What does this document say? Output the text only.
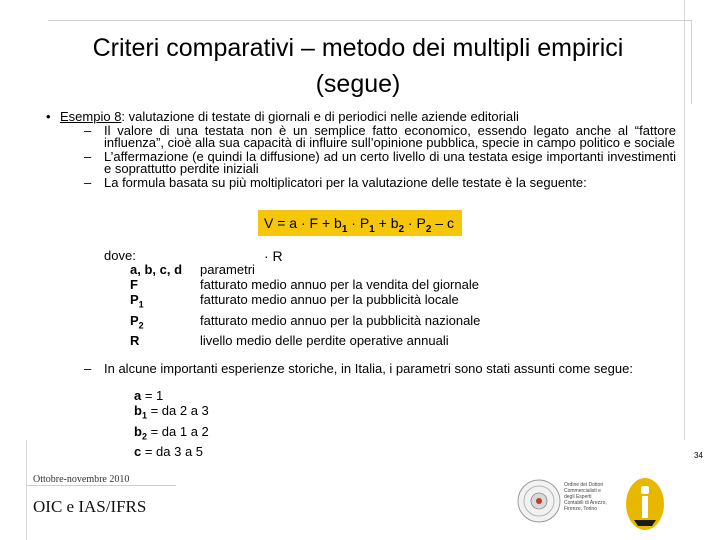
Criteri comparativi – metodo dei multipli empirici (segue)
• Esempio 8: valutazione di testate di giornali e di periodici nelle aziende editoriali
– Il valore di una testata non è un semplice fatto economico, essendo legato anche al “fattore influenza”, cioè alla sua capacità di influire sull’opinione pubblica, specie in campo politico e sociale
– L’affermazione (e quindi la diffusione) ad un certo livello di una testata esige importanti investimenti e soprattutto perdite iniziali
– La formula basata su più moltiplicatori per la valutazione delle testate è la seguente:
$V = a \cdot F + b_1 \cdot P_1 + b_2 \cdot P_2 - c \cdot R$
dove:
a, b, c, d	parametri
F	fatturato medio annuo per la vendita del giornale
$P_1$	fatturato medio annuo per la pubblicità locale
$P_2$	fatturato medio annuo per la pubblicità nazionale
R	livello medio delle perdite operative annuali
– In alcune importanti esperienze storiche, in Italia, i parametri sono stati assunti come segue:
a = 1
$b_1$ = da 2 a 3
$b_2$ = da 1 a 2
c = da 3 a 5	34
Ottobre-novembre 2010
OIC e IAS/IFRS
Ordine dei Dottori Commercialisti e degli Esperti Contabili di Arezzo, Firenze, Torino
